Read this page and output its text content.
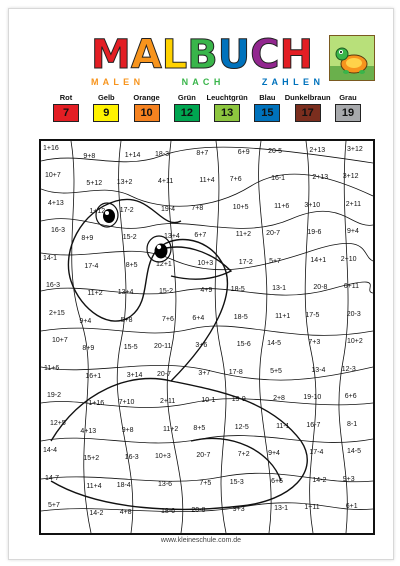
M A L B U C H
M A L E N	N A C H	Z A H L E N
Rot
7
Gelb
9
Orange
10
Grün
12
Leuchtgrün
13
Blau
15
Dunkelbraun
17
Grau
19
1+16
9+8	1+14 18-3	8+7	6+9	20-5	2+13	3+12
10+7
5+12 13+2	4+11	11+4 7+6	16-1	2+13 3+12
4+13
1+12 17-2	19-4 7+8	10+5	11+6 3+10	2+11
16-3
8+9	15-2	13+4 6+7	11+2 20-7	19-6	9+4
14-1
17-4	8+5	12+1	10+3	17-2 5+7	14+1 2+10
16-3
11+2 13+4	15-2	4+9	18-5	13-1	20-8 6+11
2+15
9+4	5+8	7+6	6+4	18-5	11+1 17-5	20-3
10+7
8+9	15-5 20-11	3+6	15-6 14-5	7+3	10+2
11+6
16+1	3+14 20-7	3+7	17-8	5+5	13-4 12-3
19-2
1+16 7+10	2+11	10-1 19-9	2+8	19-10	6+6
12+5
4+13	9+8	11+2 8+5	12-5	11-1 16-7	8-1
14-4
15+2	16-3 10+3	20-7	7+2	9+4	17-4	14-5
14-7
11+4 18-4	13-6	7+5	15-3	6+6	14-2 9+3
5+7
14-2 4+8	18-6 20-8	9+3	13-1 1+11	6+1
www.kleineschule.com.de
